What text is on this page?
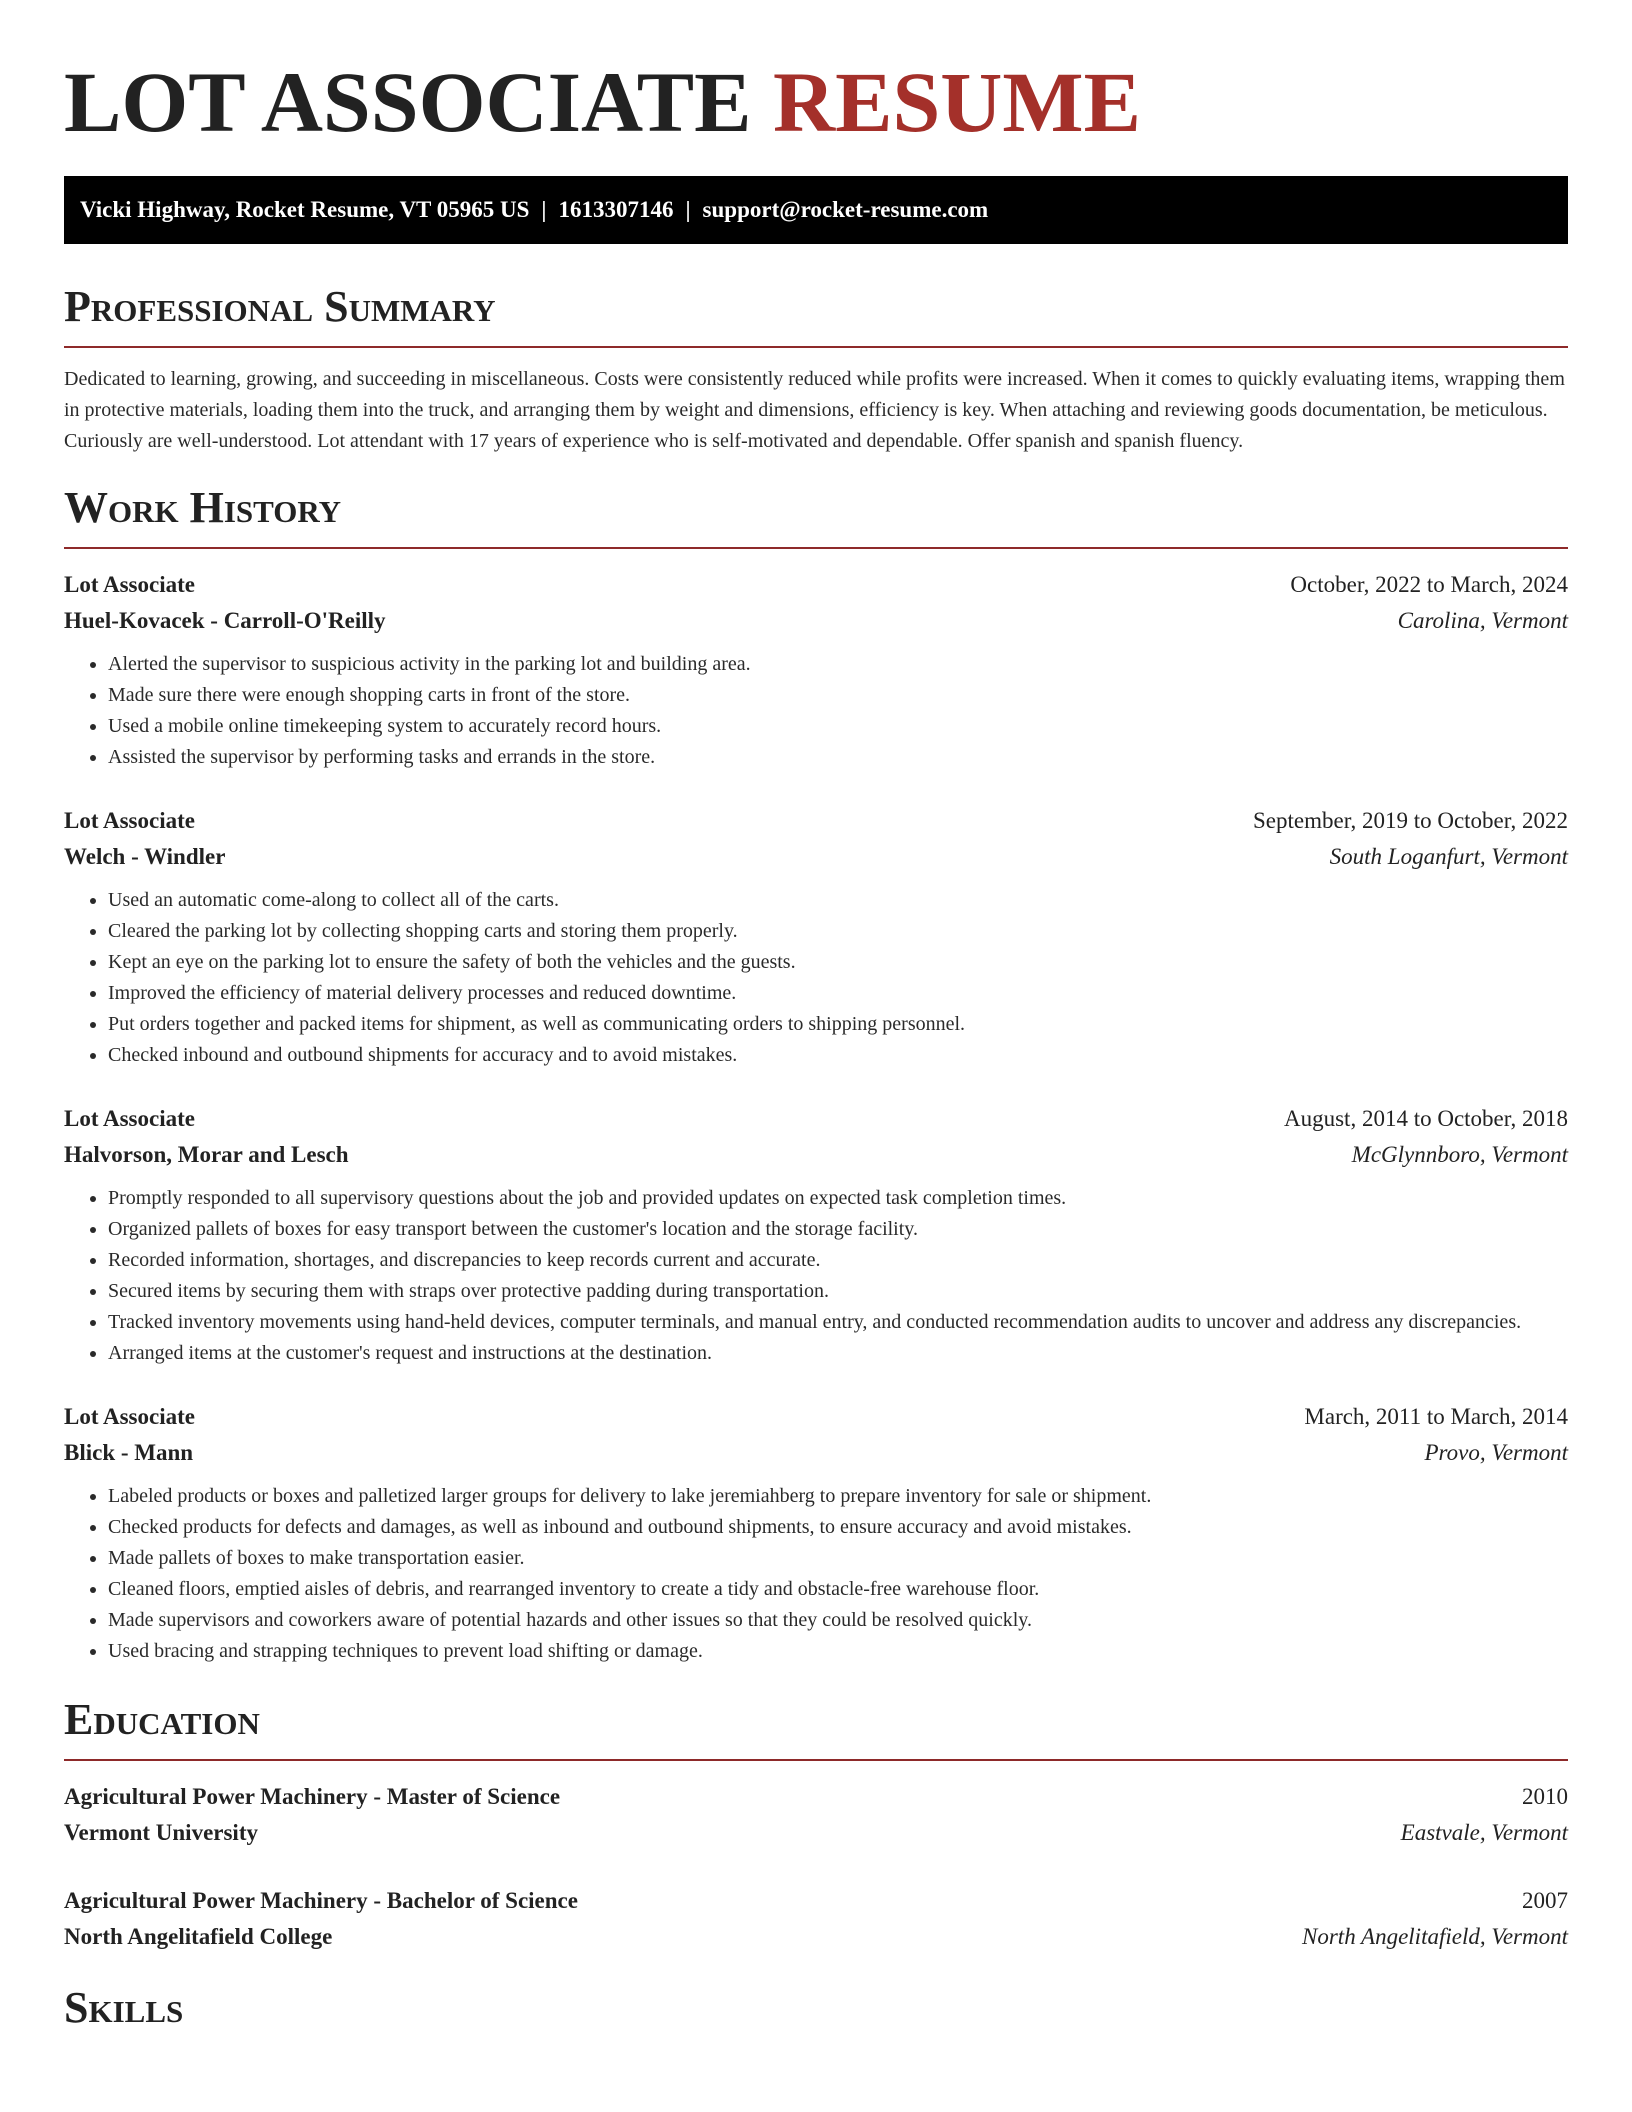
LOT ASSOCIATE RESUME
Vicki Highway, Rocket Resume, VT 05965 US | 1613307146 | support@rocket-resume.com
Professional Summary

Dedicated to learning, growing, and succeeding in miscellaneous. Costs were consistently reduced while profits were increased. When it comes to quickly evaluating items, wrapping them in protective materials, loading them into the truck, and arranging them by weight and dimensions, efficiency is key. When attaching and reviewing goods documentation, be meticulous. Curiously are well-understood. Lot attendant with 17 years of experience who is self-motivated and dependable. Offer spanish and spanish fluency.

Work History
Lot Associate	October, 2022 to March, 2024
Huel-Kovacek - Carroll-O'Reilly	Carolina, Vermont
• Alerted the supervisor to suspicious activity in the parking lot and building area.
• Made sure there were enough shopping carts in front of the store.
• Used a mobile online timekeeping system to accurately record hours.
• Assisted the supervisor by performing tasks and errands in the store.
Lot Associate	September, 2019 to October, 2022
Welch - Windler	South Loganfurt, Vermont
• Used an automatic come-along to collect all of the carts.
• Cleared the parking lot by collecting shopping carts and storing them properly.
• Kept an eye on the parking lot to ensure the safety of both the vehicles and the guests.
• Improved the efficiency of material delivery processes and reduced downtime.
• Put orders together and packed items for shipment, as well as communicating orders to shipping personnel.
• Checked inbound and outbound shipments for accuracy and to avoid mistakes.
Lot Associate	August, 2014 to October, 2018
Halvorson, Morar and Lesch	McGlynnboro, Vermont
• Promptly responded to all supervisory questions about the job and provided updates on expected task completion times.
• Organized pallets of boxes for easy transport between the customer's location and the storage facility.
• Recorded information, shortages, and discrepancies to keep records current and accurate.
• Secured items by securing them with straps over protective padding during transportation.
• Tracked inventory movements using hand-held devices, computer terminals, and manual entry, and conducted recommendation audits to uncover and address any discrepancies.
• Arranged items at the customer's request and instructions at the destination.
Lot Associate	March, 2011 to March, 2014
Blick - Mann	Provo, Vermont
• Labeled products or boxes and palletized larger groups for delivery to lake jeremiahberg to prepare inventory for sale or shipment.
• Checked products for defects and damages, as well as inbound and outbound shipments, to ensure accuracy and avoid mistakes.
• Made pallets of boxes to make transportation easier.
• Cleaned floors, emptied aisles of debris, and rearranged inventory to create a tidy and obstacle-free warehouse floor.
• Made supervisors and coworkers aware of potential hazards and other issues so that they could be resolved quickly.
• Used bracing and strapping techniques to prevent load shifting or damage.
Education
Agricultural Power Machinery - Master of Science	2010
Vermont University	Eastvale, Vermont
Agricultural Power Machinery - Bachelor of Science	2007
North Angelitafield College	North Angelitafield, Vermont
Skills
